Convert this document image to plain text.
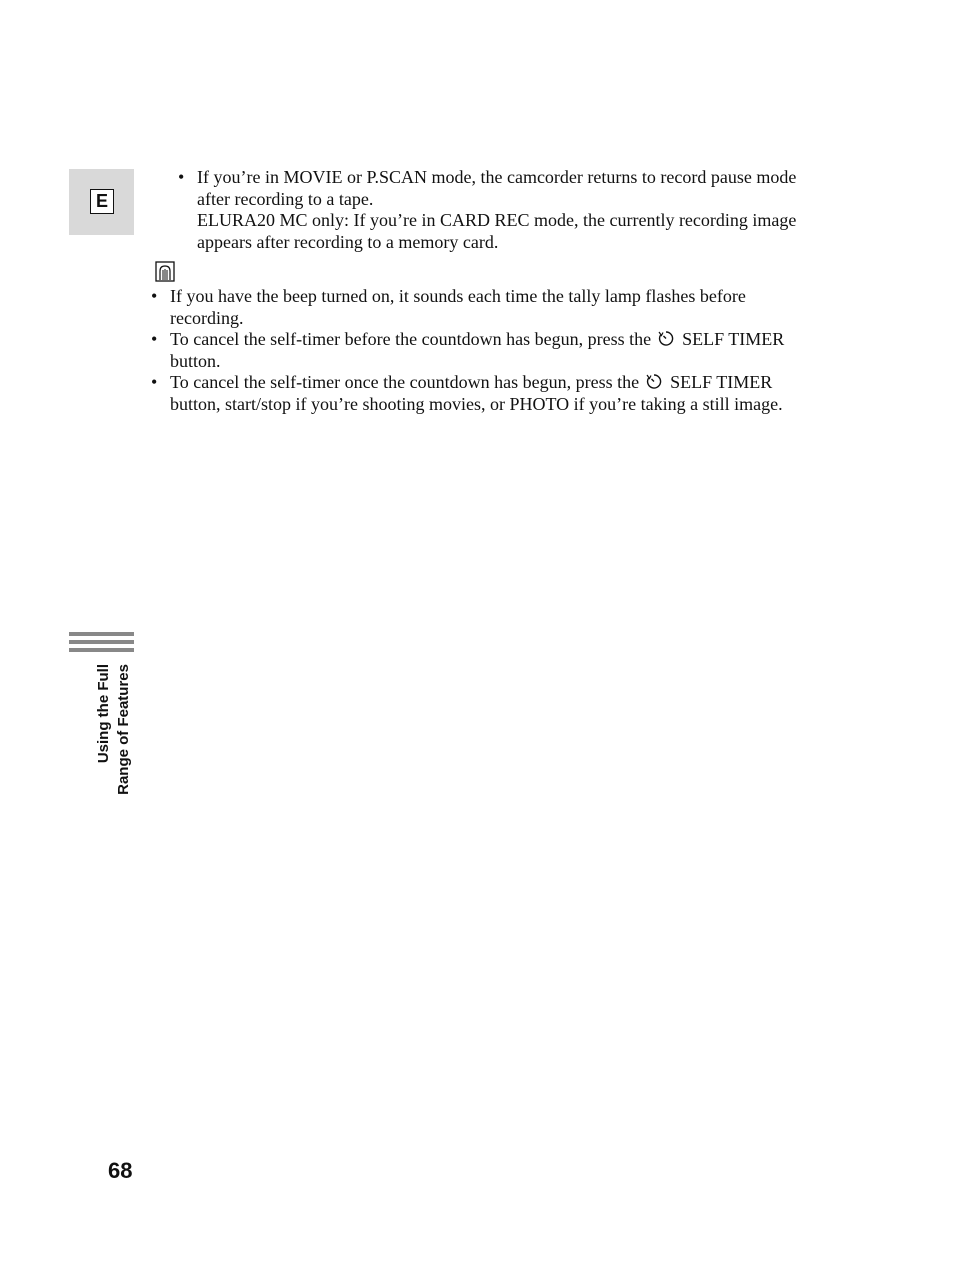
E
• If you’re in MOVIE or P.SCAN mode, the camcorder returns to record pause mode after recording to a tape.
ELURA20 MC only: If you’re in CARD REC mode, the currently recording image appears after recording to a memory card.
• If you have the beep turned on, it sounds each time the tally lamp flashes before recording.
• To cancel the self-timer before the countdown has begun, press the SELF TIMER button.
• To cancel the self-timer once the countdown has begun, press the SELF TIMER button, start/stop if you’re shooting movies, or PHOTO if you’re taking a still image.
Using the Full Range of Features
68
